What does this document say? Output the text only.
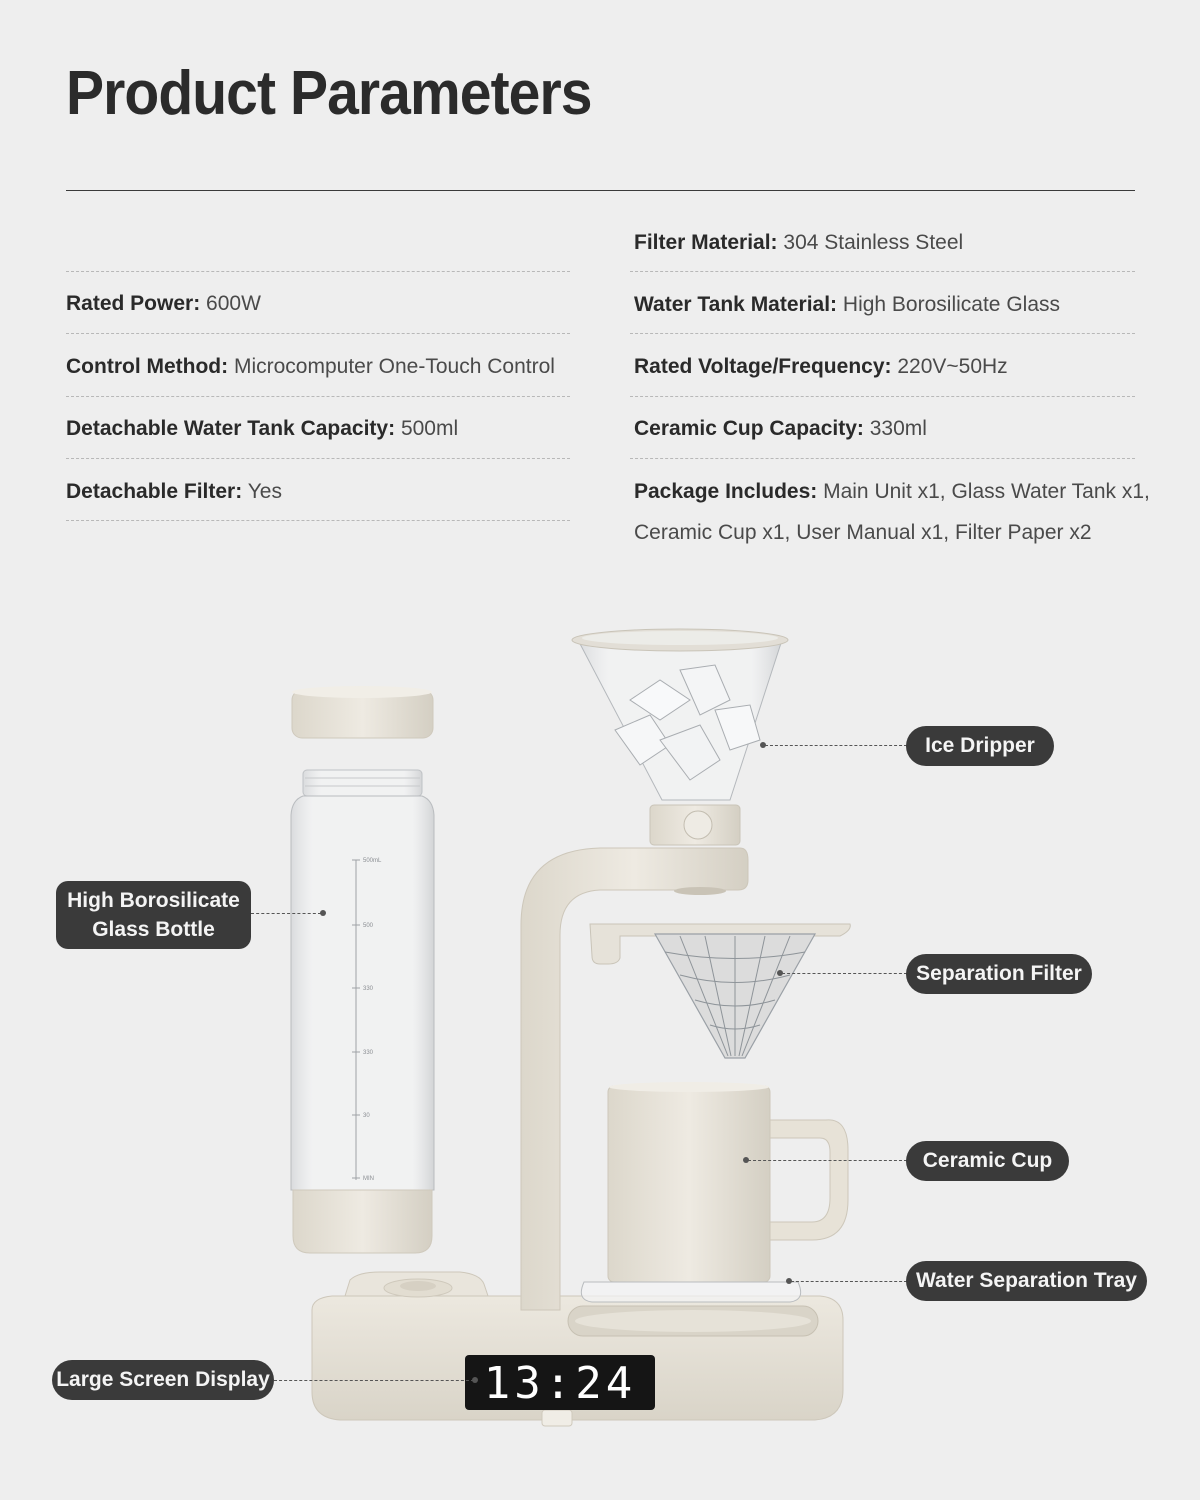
Product Parameters
Rated Power: 600W
Control Method: Microcomputer One-Touch Control
Detachable Water Tank Capacity: 500ml
Detachable Filter: Yes
Filter Material: 304 Stainless Steel
Water Tank Material: High Borosilicate Glass
Rated Voltage/Frequency: 220V~50Hz
Ceramic Cup Capacity: 330ml
Package Includes: Main Unit x1, Glass Water Tank x1,
Ceramic Cup x1, User Manual x1, Filter Paper x2
500mL
500
330
330
30
MIN
13:24
Ice Dripper
High Borosilicate
Glass Bottle
Separation Filter
Ceramic Cup
Water Separation Tray
Large Screen Display
